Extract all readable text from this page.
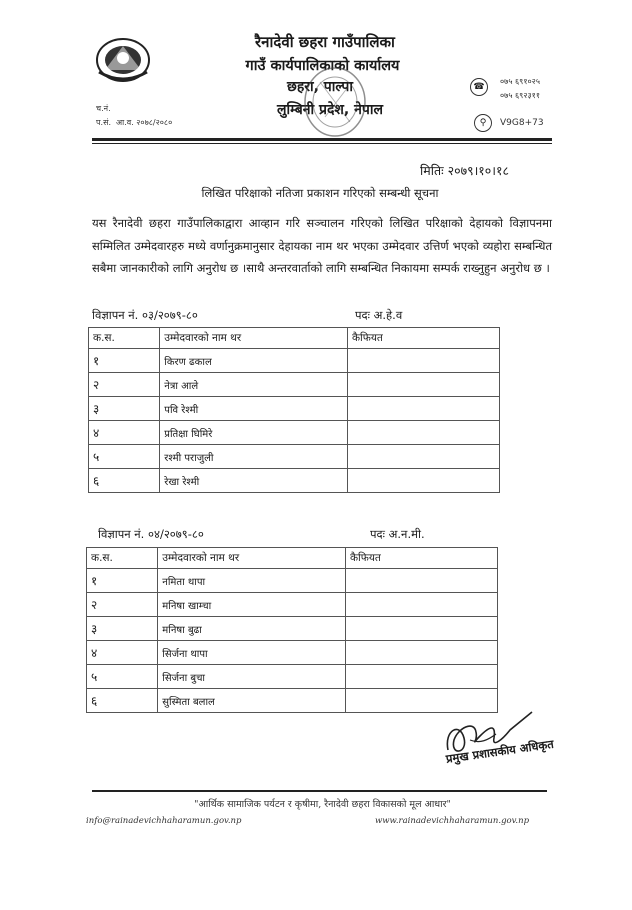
रैनादेवी छहरा गाउँपालिका
गाउँ कार्यपालिकाको कार्यालय
छहरा, पाल्पा
लुम्बिनी प्रदेश, नेपाल
च.नं.
प.सं. आ.व. २०७८/२०८०
☎
०७५ ६९१०२५
०७५ ६९२३११
⚲	V9G8+73
मितिः २०७९।१०।१८
लिखित परिक्षाको नतिजा प्रकाशन गरिएको सम्बन्धी सूचना
यस रैनादेवी छहरा गाउँपालिकाद्वारा आव्हान गरि सञ्चालन गरिएको लिखित परिक्षाको देहायको विज्ञापनमा सम्मिलित उम्मेदवारहरु मध्ये वर्णानुक्रमानुसार देहायका नाम थर भएका उम्मेदवार उत्तिर्ण भएको व्यहोरा सम्बन्धित सबैमा जानकारीको लागि अनुरोध छ ।साथै अन्तरवार्ताको लागि सम्बन्धित निकायमा सम्पर्क राख्नुहुन अनुरोध छ ।
विज्ञापन नं. ०३/२०७९-८०	पदः अ.हे.व
क.स.	उम्मेदवारको नाम थर	कैफियत
१	किरण ढकाल	
२	नेत्रा आले	
३	पवि रेश्मी	
४	प्रतिक्षा घिमिरे	
५	रश्मी पराजुली	
६	रेखा रेश्मी	
विज्ञापन नं. ०४/२०७९-८०	पदः अ.न.मी.
क.स.	उम्मेदवारको नाम थर	कैफियत
१	नमिता थापा	
२	मनिषा खाम्चा	
३	मनिषा बुढा	
४	सिर्जना थापा	
५	सिर्जना बुचा	
६	सुस्मिता बलाल	
प्रमुख प्रशासकीय अधिकृत
"आर्थिक सामाजिक पर्यटन र कृषीमा, रैनादेवी छहरा विकासको मूल आधार"
info@rainadevichhaharamun.gov.np	www.rainadevichhaharamun.gov.np
